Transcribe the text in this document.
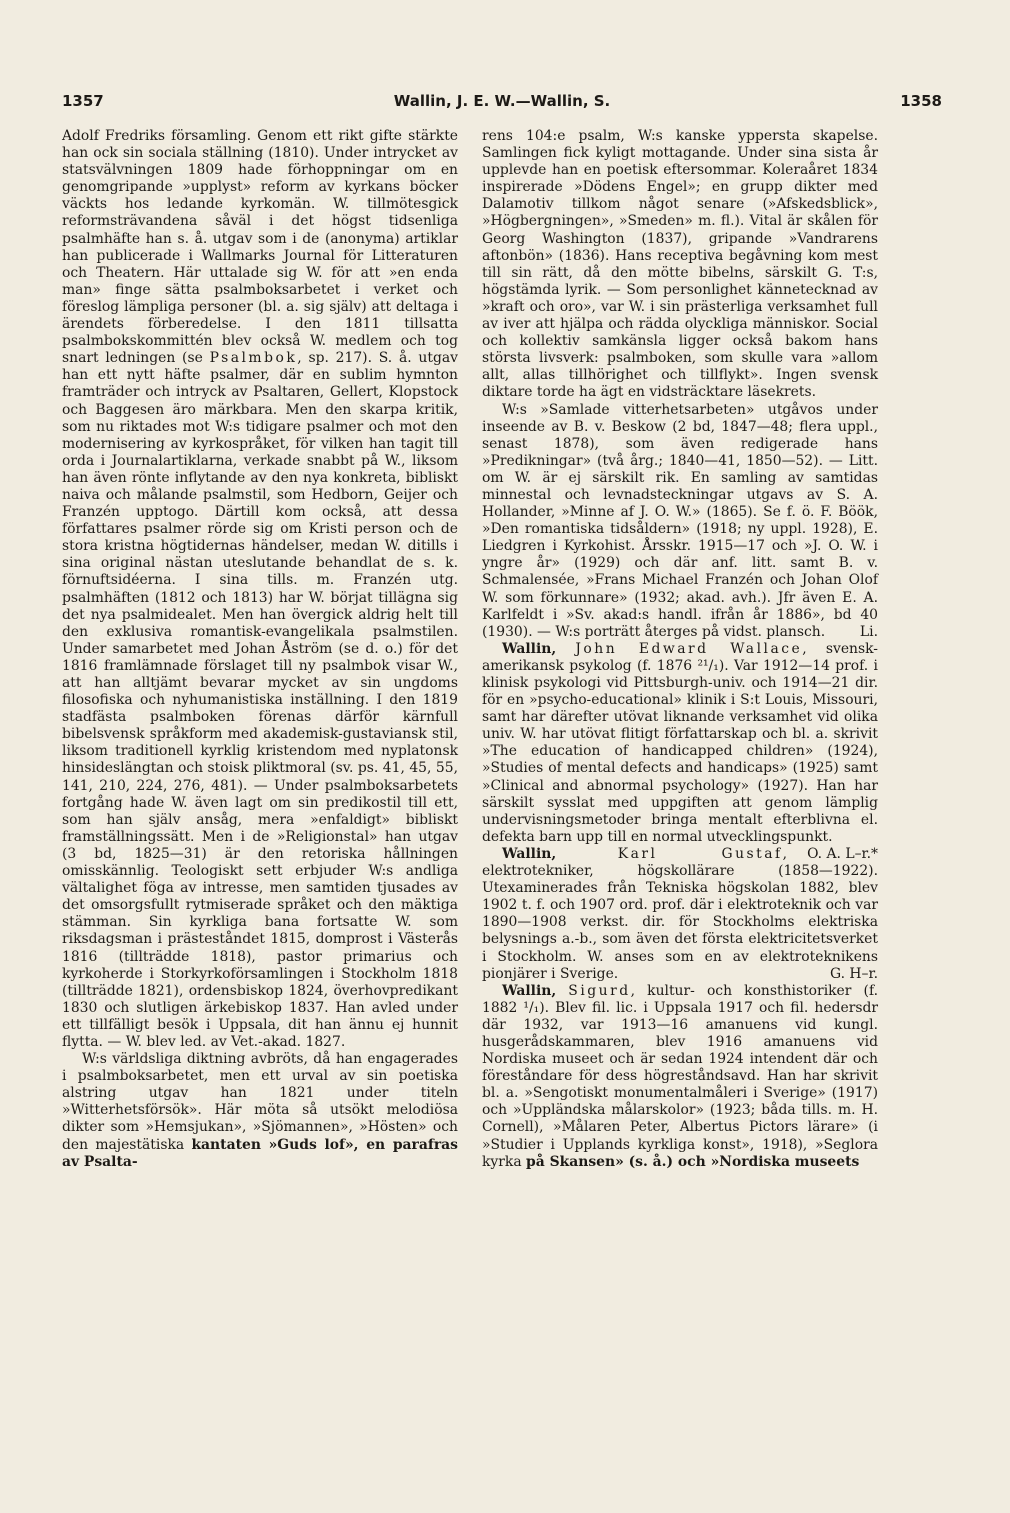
1357	Wallin, J. E. W.—Wallin, S.	1358

Adolf Fredriks församling. Genom ett rikt gifte stärkte han ock sin sociala ställning (1810). Under intrycket av statsvälvningen 1809 hade förhoppningar om en genomgripande »upplyst» reform av kyrkans böcker väckts hos ledande kyrkomän. W. tillmötesgick reformsträvandena såväl i det högst tidsenliga psalmhäfte han s. å. utgav som i de (anonyma) artiklar han publicerade i Wallmarks Journal för Litteraturen och Theatern. Här uttalade sig W. för att »en enda man» finge sätta psalmboksarbetet i verket och föreslog lämpliga personer (bl. a. sig själv) att deltaga i ärendets förberedelse. I den 1811 tillsatta psalmbokskommittén blev också W. medlem och tog snart ledningen (se Psalmbok, sp. 217). S. å. utgav han ett nytt häfte psalmer, där en sublim hymnton framträder och intryck av Psaltaren, Gellert, Klopstock och Baggesen äro märkbara. Men den skarpa kritik, som nu riktades mot W:s tidigare psalmer och mot den modernisering av kyrkospråket, för vilken han tagit till orda i Journalartiklarna, verkade snabbt på W., liksom han även rönte inflytande av den nya konkreta, bibliskt naiva och målande psalmstil, som Hedborn, Geijer och Franzén upptogo. Därtill kom också, att dessa författares psalmer rörde sig om Kristi person och de stora kristna högtidernas händelser, medan W. ditills i sina original nästan uteslutande behandlat de s. k. förnuftsidéerna. I sina tills. m. Franzén utg. psalmhäften (1812 och 1813) har W. börjat tillägna sig det nya psalmidealet. Men han övergick aldrig helt till den exklusiva romantisk-evangelikala psalmstilen. Under samarbetet med Johan Åström (se d. o.) för det 1816 framlämnade förslaget till ny psalmbok visar W., att han alltjämt bevarar mycket av sin ungdoms filosofiska och nyhumanistiska inställning. I den 1819 stadfästa psalmboken förenas därför kärnfull bibelsvensk språkform med akademisk-gustaviansk stil, liksom traditionell kyrklig kristendom med nyplatonsk hinsideslängtan och stoisk pliktmoral (sv. ps. 41, 45, 55, 141, 210, 224, 276, 481). — Under psalmboksarbetets fortgång hade W. även lagt om sin predikostil till ett, som han själv ansåg, mera »enfaldigt» bibliskt framställningssätt. Men i de »Religionstal» han utgav (3 bd, 1825—31) är den retoriska hållningen omisskännlig. Teologiskt sett erbjuder W:s andliga vältalighet föga av intresse, men samtiden tjusades av det omsorgsfullt rytmiserade språket och den mäktiga stämman. Sin kyrkliga bana fortsatte W. som riksdagsman i prästeståndet 1815, domprost i Västerås 1816 (tillträdde 1818), pastor primarius och kyrkoherde i Storkyrkoförsamlingen i Stockholm 1818 (tillträdde 1821), ordensbiskop 1824, överhovpredikant 1830 och slutligen ärkebiskop 1837. Han avled under ett tillfälligt besök i Uppsala, dit han ännu ej hunnit flytta. — W. blev led. av Vet.-akad. 1827.

W:s världsliga diktning avbröts, då han engagerades i psalmboksarbetet, men ett urval av sin poetiska alstring utgav han 1821 under titeln »Witterhetsförsök». Här möta så utsökt melodiösa dikter som »Hemsjukan», »Sjömannen», »Hösten» och den majestätiska kantaten »Guds lof», en parafras av Psalta-

rens 104:e psalm, W:s kanske yppersta skapelse. Samlingen fick kyligt mottagande. Under sina sista år upplevde han en poetisk eftersommar. Koleraåret 1834 inspirerade »Dödens Engel»; en grupp dikter med Dalamotiv tillkom något senare (»Afskedsblick», »Högbergningen», »Smeden» m. fl.). Vital är skålen för Georg Washington (1837), gripande »Vandrarens aftonbön» (1836). Hans receptiva begåvning kom mest till sin rätt, då den mötte bibelns, särskilt G. T:s, högstämda lyrik. — Som personlighet känneteсknad av »kraft och oro», var W. i sin prästerliga verksamhet full av iver att hjälpa och rädda olyckliga människor. Social och kollektiv samkänsla ligger också bakom hans största livsverk: psalmboken, som skulle vara »allom allt, allas tillhörighet och tillflykt». Ingen svensk diktare torde ha ägt en vidsträcktare läsekrets.

W:s »Samlade vitterhetsarbeten» utgåvos under inseende av B. v. Beskow (2 bd, 1847—48; flera uppl., senast 1878), som även redigerade hans »Predikningar» (två årg.; 1840—41, 1850—52). — Litt. om W. är ej särskilt rik. En samling av samtidas minnestal och levnadsteckningar utgavs av S. A. Hollander, »Minne af J. O. W.» (1865). Se f. ö. F. Böök, »Den romantiska tidsåldern» (1918; ny uppl. 1928), E. Liedgren i Kyrkohist. Årsskr. 1915—17 och »J. O. W. i yngre år» (1929) och där anf. litt. samt B. v. Schmalensée, »Frans Michael Franzén och Johan Olof W. som förkunnare» (1932; akad. avh.). Jfr även E. A. Karlfeldt i »Sv. akad:s handl. ifrån år 1886», bd 40 (1930). — W:s porträtt återges på vidst. plansch.	Li.

Wallin, John Edward Wallace, svensk-amerikansk psykolog (f. 1876 ²¹/₁). Var 1912—14 prof. i klinisk psykologi vid Pittsburgh-univ. och 1914—21 dir. för en »psycho-educational» klinik i S:t Louis, Missouri, samt har därefter utövat liknande verksamhet vid olika univ. W. har utövat flitigt författarskap och bl. a. skrivit »The education of handicapped children» (1924), »Studies of mental defects and handicaps» (1925) samt »Clinical and abnormal psychology» (1927). Han har särskilt sysslat med uppgiften att genom lämplig undervisningsmetoder bringa mentalt efterblivna el. defekta barn upp till en normal utvecklingspunkt.
O. A. L–r.*

Wallin,	Karl Gustaf, elektrotekniker, högskollärare (1858—1922). Utexaminerades från Tekniska högskolan 1882, blev 1902 t. f. och 1907 ord. prof. där i elektroteknik och var 1890—1908 verkst. dir. för Stockholms elektriska belysnings a.-b., som även det första elektricitetsverket i Stockholm. W. anses som en av elektroteknikens pionjärer i Sverige.	G. H–r.

Wallin, Sigurd, kultur- och konsthistoriker (f. 1882 ¹/₁). Blev fil. lic. i Uppsala 1917 och fil. hedersdr där 1932, var 1913—16 amanuens vid kungl. husgerådskammaren, blev 1916 amanuens vid Nordiska museet och är sedan 1924 intendent där och föreståndare för dess högreståndsavd. Han har skrivit bl. a. »Sengotiskt monumentalmåleri i Sverige» (1917) och »Uppländska målarskolor» (1923; båda tills. m. H. Cornell), »Målaren Peter, Albertus Pictors lärare» (i »Studier i Upplands kyrkliga konst», 1918), »Seglora kyrka på Skansen» (s. å.) och »Nordiska museets
